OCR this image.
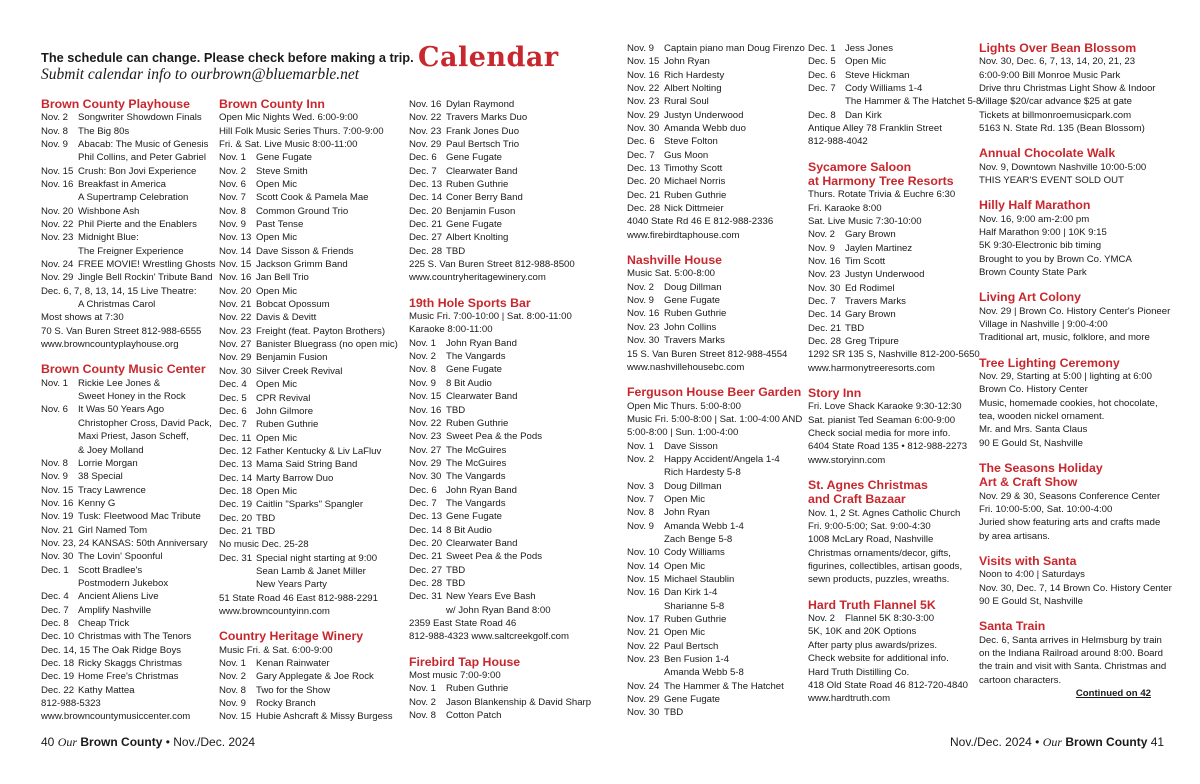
The schedule can change. Please check before making a trip.
Submit calendar info to ourbrown@bluemarble.net
Calendar
Brown County Playhouse
Nov. 2	Songwriter Showdown Finals
Nov. 8	The Big 80s
Nov. 9	Abacab: The Music of Genesis
Phil Collins, and Peter Gabriel
Nov. 15 Crush: Bon Jovi Experience
Nov. 16 Breakfast in America
A Supertramp Celebration
Nov. 20 Wishbone Ash
Nov. 22 Phil Pierte and the Enablers
Nov. 23 Midnight Blue:
The Freigner Experience
Nov. 24 FREE MOVIE! Wrestling Ghosts
Nov. 29 Jingle Bell Rockin' Tribute Band
Dec. 6, 7, 8, 13, 14, 15 Live Theatre:
A Christmas Carol
Most shows at 7:30
70 S. Van Buren Street 812-988-6555
www.browncountyplayhouse.org
Brown County Music Center
Nov. 1	Rickie Lee Jones &
Sweet Honey in the Rock
Nov. 6	It Was 50 Years Ago
Christopher Cross, David Pack,
Maxi Priest, Jason Scheff,
& Joey Molland
Nov. 8	Lorrie Morgan
Nov. 9	38 Special
Nov. 15 Tracy Lawrence
Nov. 16 Kenny G
Nov. 19 Tusk: Fleetwood Mac Tribute
Nov. 21 Girl Named Tom
Nov. 23, 24 KANSAS: 50th Anniversary
Nov. 30 The Lovin' Spoonful
Dec. 1 Scott Bradlee's
Postmodern Jukebox
Dec. 4 Ancient Aliens Live
Dec. 7 Amplify Nashville
Dec. 8 Cheap Trick
Dec. 10 Christmas with The Tenors
Dec. 14, 15 The Oak Ridge Boys
Dec. 18 Ricky Skaggs Christmas
Dec. 19 Home Free's Christmas
Dec. 22 Kathy Mattea
812-988-5323
www.browncountymusiccenter.com
Brown County Inn
Open Mic Nights Wed. 6:00-9:00
Hill Folk Music Series Thurs. 7:00-9:00
Fri. & Sat. Live Music 8:00-11:00
Nov. 1	Gene Fugate
Nov. 2	Steve Smith
Nov. 6	Open Mic
Nov. 7	Scott Cook & Pamela Mae
Nov. 8	Common Ground Trio
Nov. 9	Past Tense
Nov. 13 Open Mic
Nov. 14 Dave Sisson & Friends
Nov. 15 Jackson Grimm Band
Nov. 16 Jan Bell Trio
Nov. 20 Open Mic
Nov. 21 Bobcat Opossum
Nov. 22 Davis & Devitt
Nov. 23 Freight (feat. Payton Brothers)
Nov. 27 Banister Bluegrass (no open mic)
Nov. 29 Benjamin Fusion
Nov. 30 Silver Creek Revival
Dec. 4 Open Mic
Dec. 5 CPR Revival
Dec. 6 John Gilmore
Dec. 7 Ruben Guthrie
Dec. 11 Open Mic
Dec. 12 Father Kentucky & Liv LaFluv
Dec. 13 Mama Said String Band
Dec. 14 Marty Barrow Duo
Dec. 18 Open Mic
Dec. 19 Caitlin "Sparks" Spangler
Dec. 20 TBD
Dec. 21 TBD
No music Dec. 25-28
Dec. 31 Special night starting at 9:00
Sean Lamb & Janet Miller
New Years Party
51 State Road 46 East 812-988-2291
www.browncountyinn.com
Country Heritage Winery
Music Fri. & Sat. 6:00-9:00
Nov. 1	Kenan Rainwater
Nov. 2	Gary Applegate & Joe Rock
Nov. 8	Two for the Show
Nov. 9	Rocky Branch
Nov. 15 Hubie Ashcraft & Missy Burgess
Nov. 16 Dylan Raymond
Nov. 22 Travers Marks Duo
Nov. 23 Frank Jones Duo
Nov. 29 Paul Bertsch Trio
Dec. 6 Gene Fugate
Dec. 7 Clearwater Band
Dec. 13 Ruben Guthrie
Dec. 14 Coner Berry Band
Dec. 20 Benjamin Fuson
Dec. 21 Gene Fugate
Dec. 27 Albert Knolting
Dec. 28 TBD
225 S. Van Buren Street 812-988-8500
www.countryheritagewinery.com
19th Hole Sports Bar
Music Fri. 7:00-10:00 | Sat. 8:00-11:00
Karaoke 8:00-11:00
Nov. 1	John Ryan Band
Nov. 2	The Vangards
Nov. 8	Gene Fugate
Nov. 9	8 Bit Audio
Nov. 15 Clearwater Band
Nov. 16 TBD
Nov. 22 Ruben Guthrie
Nov. 23 Sweet Pea & the Pods
Nov. 27 The McGuires
Nov. 29 The McGuires
Nov. 30 The Vangards
Dec. 6 John Ryan Band
Dec. 7 The Vangards
Dec. 13 Gene Fugate
Dec. 14 8 Bit Audio
Dec. 20 Clearwater Band
Dec. 21 Sweet Pea & the Pods
Dec. 27 TBD
Dec. 28 TBD
Dec. 31 New Years Eve Bash
w/ John Ryan Band 8:00
2359 East State Road 46
812-988-4323 www.saltcreekgolf.com
Firebird Tap House
Most music 7:00-9:00
Nov. 1	Ruben Guthrie
Nov. 2	Jason Blankenship & David Sharp
Nov. 8	Cotton Patch
Nov. 9	Captain piano man Doug Firenzo
Nov. 15 John Ryan
Nov. 16 Rich Hardesty
Nov. 22 Albert Nolting
Nov. 23 Rural Soul
Nov. 29 Justyn Underwood
Nov. 30 Amanda Webb duo
Dec. 6 Steve Folton
Dec. 7 Gus Moon
Dec. 13 Timothy Scott
Dec. 20 Michael Norris
Dec. 21 Ruben Guthrie
Dec. 28 Nick Dittmeier
4040 State Rd 46 E 812-988-2336
www.firebirdtaphouse.com
Nashville House
Music Sat. 5:00-8:00
Nov. 2	Doug Dillman
Nov. 9	Gene Fugate
Nov. 16 Ruben Guthrie
Nov. 23 John Collins
Nov. 30 Travers Marks
15 S. Van Buren Street 812-988-4554
www.nashvillehousebc.com
Ferguson House Beer Garden
Open Mic Thurs. 5:00-8:00
Music Fri. 5:00-8:00 | Sat. 1:00-4:00 AND
5:00-8:00 | Sun. 1:00-4:00
Nov. 1	Dave Sisson
Nov. 2	Happy Accident/Angela 1-4
Rich Hardesty 5-8
Nov. 3	Doug Dillman
Nov. 7	Open Mic
Nov. 8	John Ryan
Nov. 9	Amanda Webb 1-4
Zach Benge 5-8
Nov. 10 Cody Williams
Nov. 14 Open Mic
Nov. 15 Michael Staublin
Nov. 16 Dan Kirk 1-4
Sharianne 5-8
Nov. 17 Ruben Guthrie
Nov. 21 Open Mic
Nov. 22 Paul Bertsch
Nov. 23 Ben Fusion 1-4
Amanda Webb 5-8
Nov. 24 The Hammer & The Hatchet
Nov. 29 Gene Fugate
Nov. 30 TBD
Dec. 1 Jess Jones
Dec. 5 Open Mic
Dec. 6 Steve Hickman
Dec. 7 Cody Williams 1-4
The Hammer & The Hatchet 5-8
Dec. 8 Dan Kirk
Antique Alley 78 Franklin Street
812-988-4042
Sycamore Saloon
at Harmony Tree Resorts
Thurs. Rotate Trivia & Euchre 6:30
Fri. Karaoke 8:00
Sat. Live Music 7:30-10:00
Nov. 2	Gary Brown
Nov. 9	Jaylen Martinez
Nov. 16 Tim Scott
Nov. 23 Justyn Underwood
Nov. 30 Ed Rodimel
Dec. 7 Travers Marks
Dec. 14 Gary Brown
Dec. 21 TBD
Dec. 28 Greg Tripure
1292 SR 135 S, Nashville 812-200-5650
www.harmonytreeresorts.com
Story Inn
Fri. Love Shack Karaoke 9:30-12:30
Sat. pianist Ted Seaman 6:00-9:00
Check social media for more info.
6404 State Road 135 • 812-988-2273
www.storyinn.com
St. Agnes Christmas
and Craft Bazaar
Nov. 1, 2 St. Agnes Catholic Church
Fri. 9:00-5:00; Sat. 9:00-4:30
1008 McLary Road, Nashville
Christmas ornaments/decor, gifts,
figurines, collectibles, artisan goods,
sewn products, puzzles, wreaths.
Hard Truth Flannel 5K
Nov. 2	Flannel 5K 8:30-3:00
5K, 10K and 20K Options
After party plus awards/prizes.
Check website for additional info.
Hard Truth Distilling Co.
418 Old State Road 46 812-720-4840
www.hardtruth.com
Lights Over Bean Blossom
Nov. 30, Dec. 6, 7, 13, 14, 20, 21, 23
6:00-9:00 Bill Monroe Music Park
Drive thru Christmas Light Show & Indoor
Village $20/car advance $25 at gate
Tickets at billmonroemusicpark.com
5163 N. State Rd. 135 (Bean Blossom)
Annual Chocolate Walk
Nov. 9, Downtown Nashville 10:00-5:00
THIS YEAR'S EVENT SOLD OUT
Hilly Half Marathon
Nov. 16, 9:00 am-2:00 pm
Half Marathon 9:00 | 10K 9:15
5K 9:30-Electronic bib timing
Brought to you by Brown Co. YMCA
Brown County State Park
Living Art Colony
Nov. 29 | Brown Co. History Center's Pioneer
Village in Nashville | 9:00-4:00
Traditional art, music, folklore, and more
Tree Lighting Ceremony
Nov. 29, Starting at 5:00 | lighting at 6:00
Brown Co. History Center
Music, homemade cookies, hot chocolate,
tea, wooden nickel ornament.
Mr. and Mrs. Santa Claus
90 E Gould St, Nashville
The Seasons Holiday
Art & Craft Show
Nov. 29 & 30, Seasons Conference Center
Fri. 10:00-5:00, Sat. 10:00-4:00
Juried show featuring arts and crafts made
by area artisans.
Visits with Santa
Noon to 4:00 | Saturdays
Nov. 30, Dec. 7, 14 Brown Co. History Center
90 E Gould St, Nashville
Santa Train
Dec. 6, Santa arrives in Helmsburg by train
on the Indiana Railroad around 8:00. Board
the train and visit with Santa. Christmas and
cartoon characters.
Continued on 42
40 Our Brown County • Nov./Dec. 2024	Nov./Dec. 2024 • Our Brown County 41
